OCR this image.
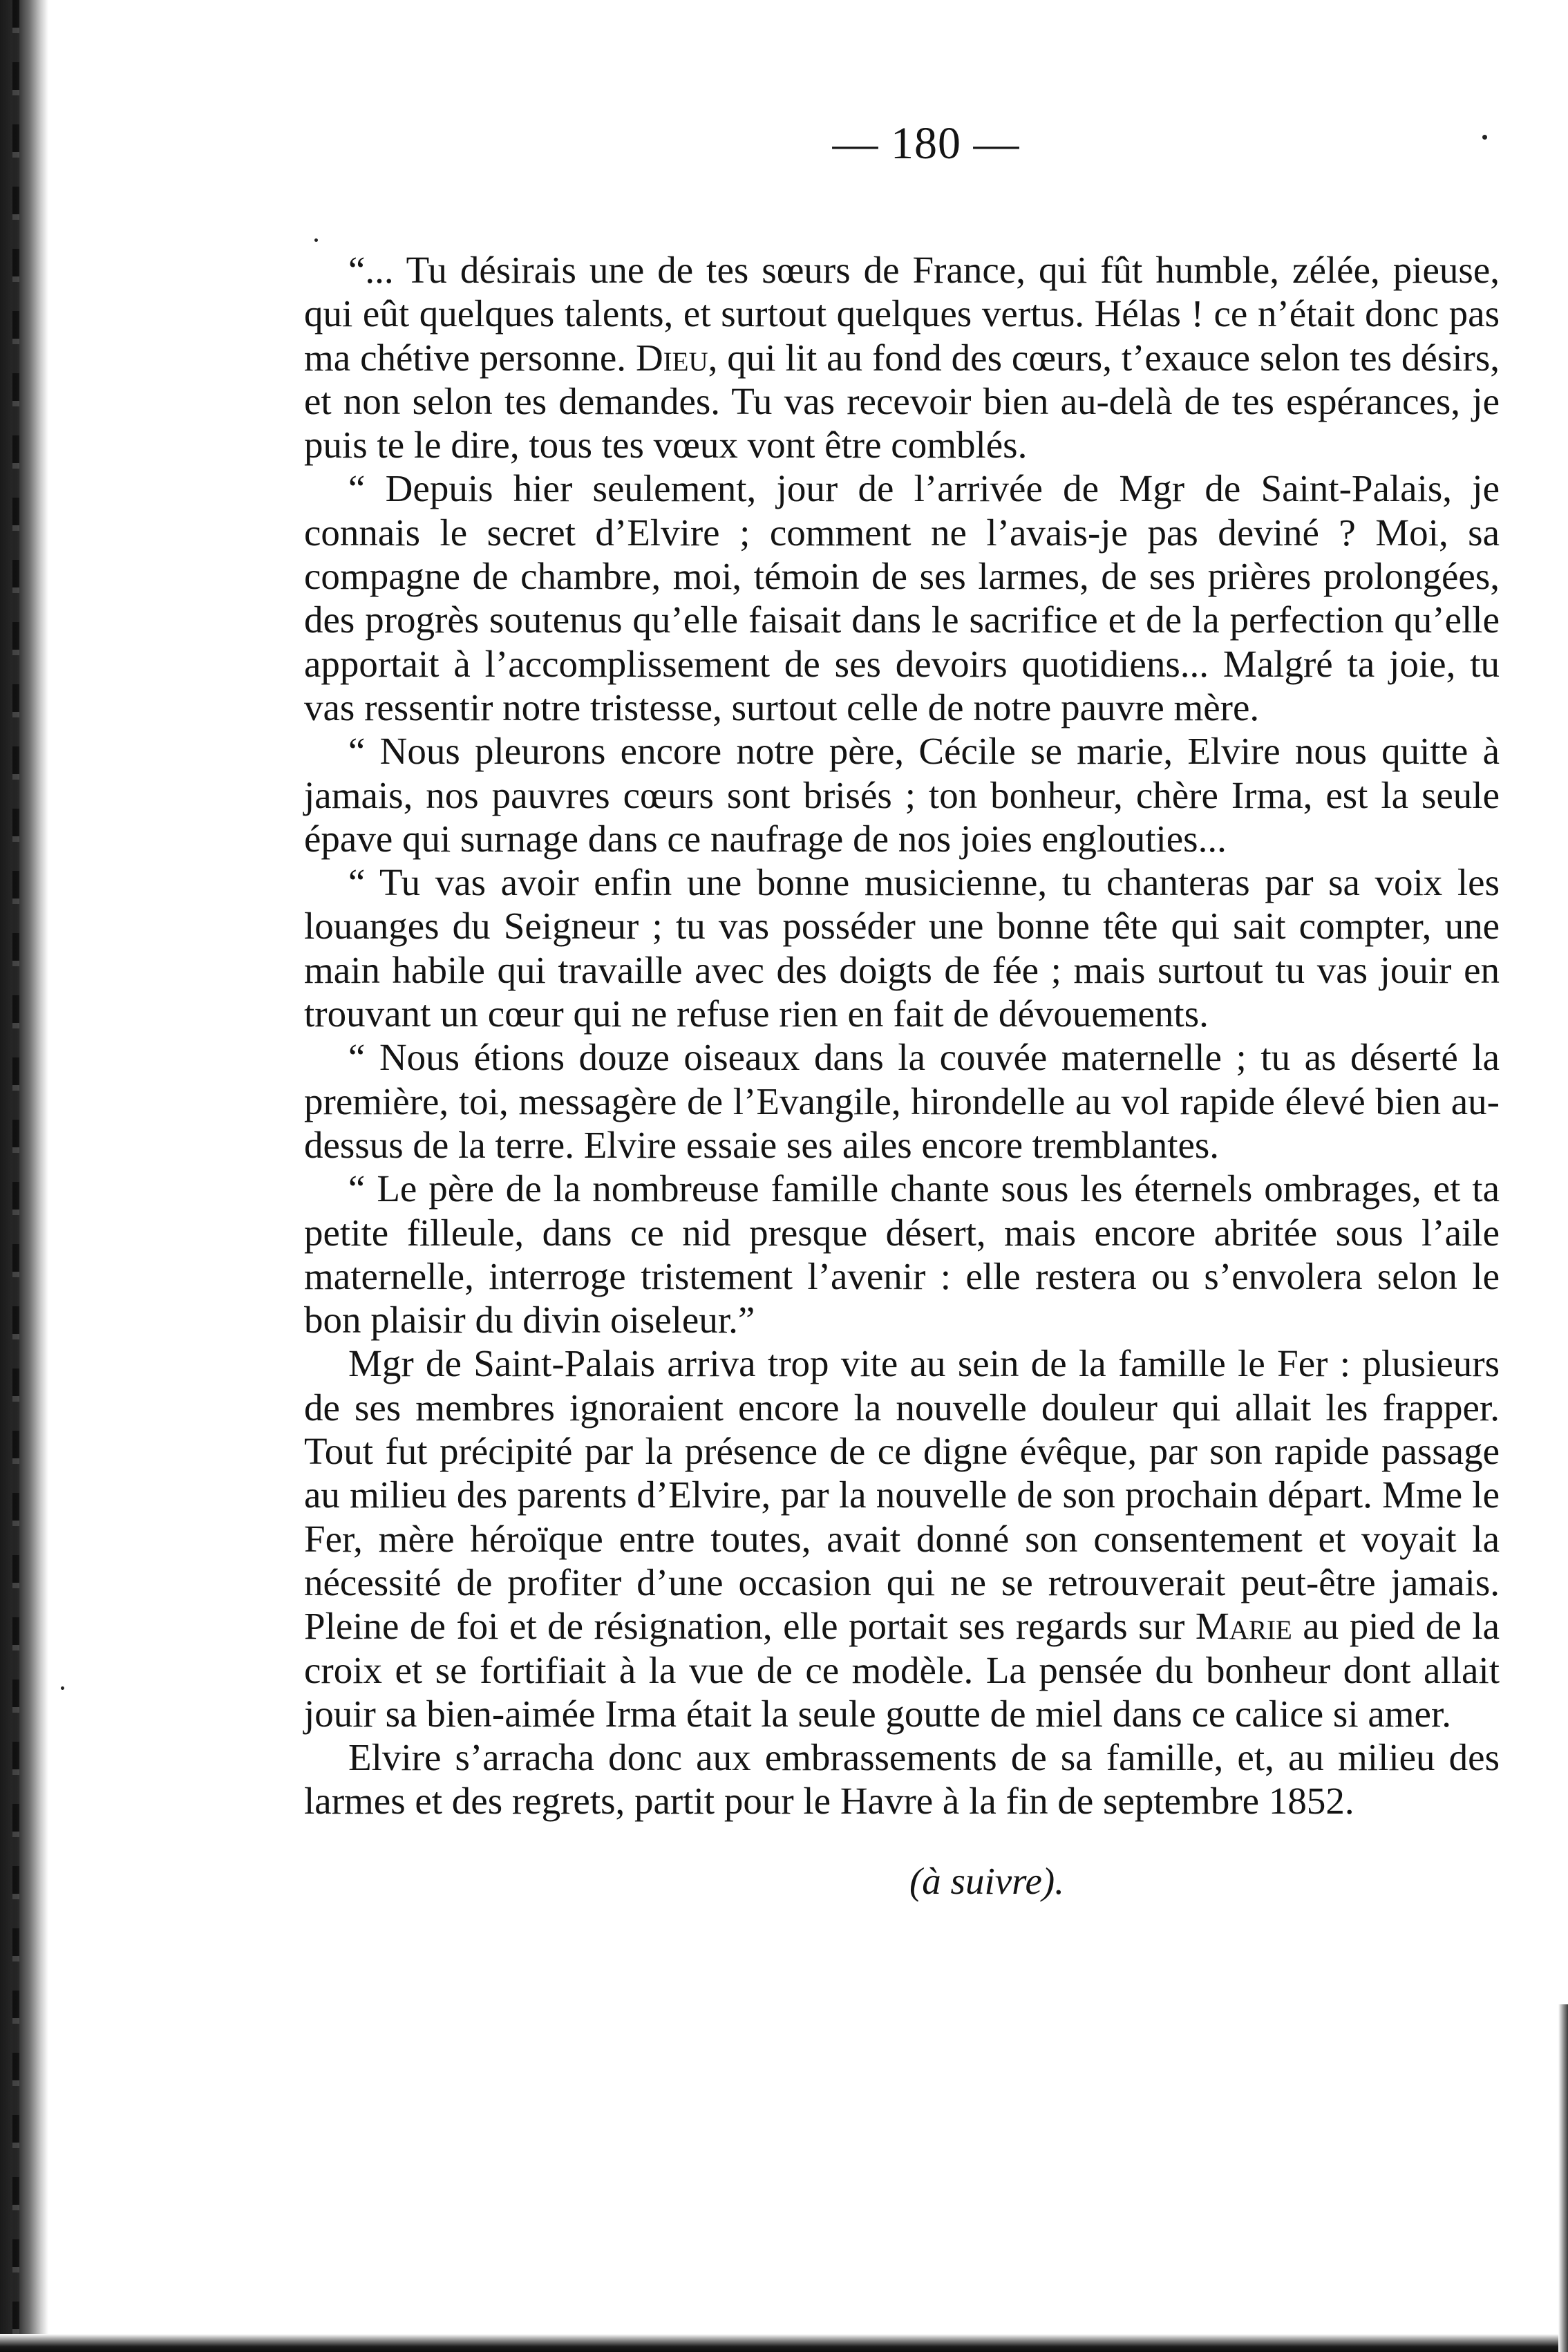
— 180 —

“... Tu désirais une de tes sœurs de France, qui fût humble, zélée, pieuse, qui eût quelques talents, et surtout quelques vertus. Hélas ! ce n’était donc pas ma chétive personne. Dieu, qui lit au fond des cœurs, t’exauce selon tes désirs, et non selon tes demandes. Tu vas recevoir bien au-delà de tes espérances, je puis te le dire, tous tes vœux vont être comblés.

“ Depuis hier seulement, jour de l’arrivée de Mgr de Saint-Palais, je connais le secret d’Elvire ; comment ne l’avais-je pas deviné ? Moi, sa compagne de chambre, moi, témoin de ses larmes, de ses prières prolongées, des progrès soutenus qu’elle faisait dans le sacrifice et de la perfection qu’elle apportait à l’accomplissement de ses devoirs quotidiens... Malgré ta joie, tu vas ressentir notre tristesse, surtout celle de notre pauvre mère.

“ Nous pleurons encore notre père, Cécile se marie, Elvire nous quitte à jamais, nos pauvres cœurs sont brisés ; ton bonheur, chère Irma, est la seule épave qui surnage dans ce naufrage de nos joies englouties...

“ Tu vas avoir enfin une bonne musicienne, tu chanteras par sa voix les louanges du Seigneur ; tu vas posséder une bonne tête qui sait compter, une main habile qui travaille avec des doigts de fée ; mais surtout tu vas jouir en trouvant un cœur qui ne refuse rien en fait de dévouements.

“ Nous étions douze oiseaux dans la couvée maternelle ; tu as déserté la première, toi, messagère de l’Evangile, hirondelle au vol rapide élevé bien au-dessus de la terre. Elvire essaie ses ailes encore tremblantes.

“ Le père de la nombreuse famille chante sous les éternels ombrages, et ta petite filleule, dans ce nid presque désert, mais encore abritée sous l’aile maternelle, interroge tristement l’avenir : elle restera ou s’envolera selon le bon plaisir du divin oiseleur.”

Mgr de Saint-Palais arriva trop vite au sein de la famille le Fer : plusieurs de ses membres ignoraient encore la nouvelle douleur qui allait les frapper. Tout fut précipité par la présence de ce digne évêque, par son rapide passage au milieu des parents d’Elvire, par la nouvelle de son prochain départ. Mme le Fer, mère héroïque entre toutes, avait donné son consentement et voyait la nécessité de profiter d’une occasion qui ne se retrouverait peut-être jamais. Pleine de foi et de résignation, elle portait ses regards sur Marie au pied de la croix et se fortifiait à la vue de ce modèle. La pensée du bonheur dont allait jouir sa bien-aimée Irma était la seule goutte de miel dans ce calice si amer.

Elvire s’arracha donc aux embrassements de sa famille, et, au milieu des larmes et des regrets, partit pour le Havre à la fin de septembre 1852.

(à suivre).
